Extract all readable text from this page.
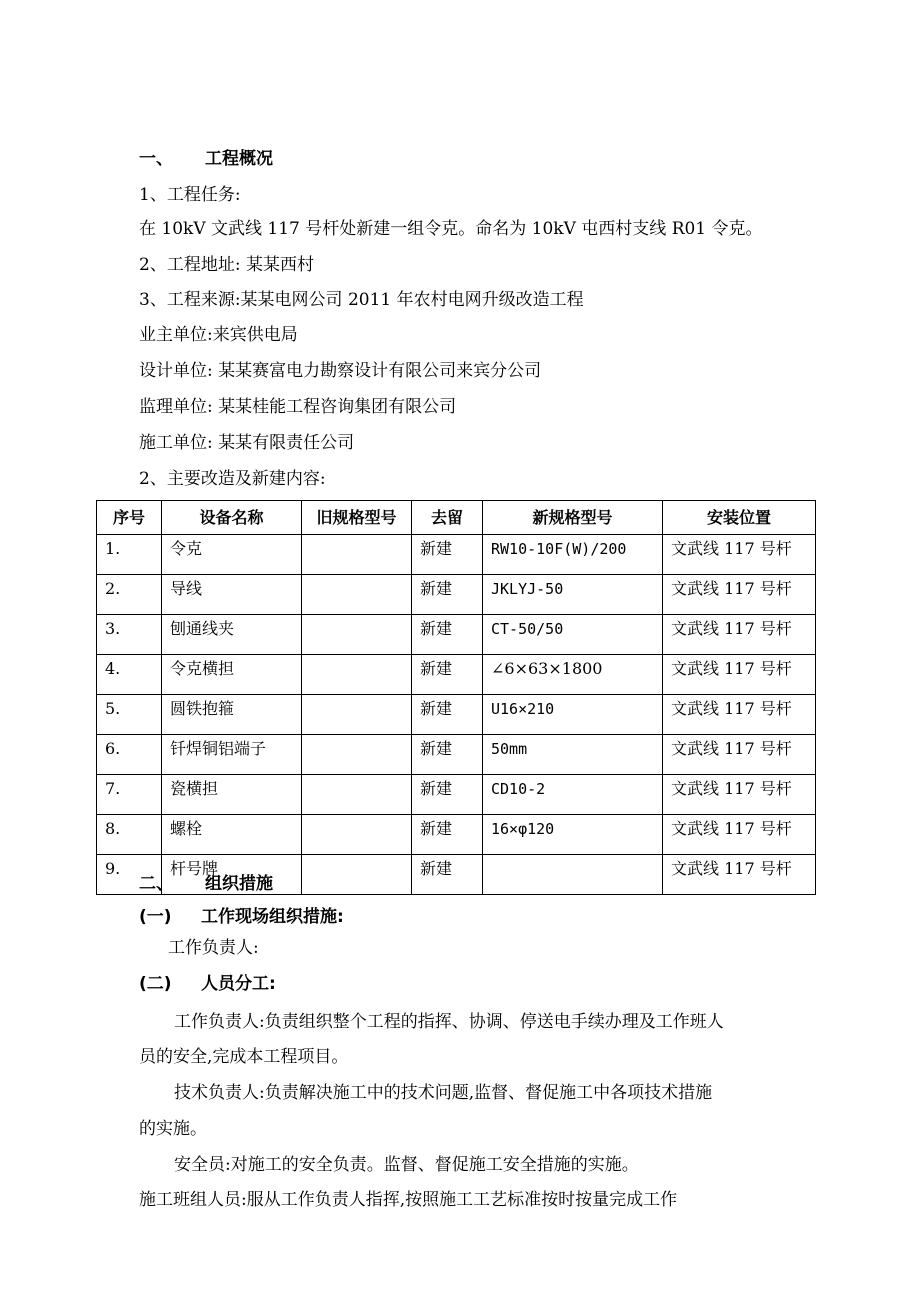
一、 工程概况
1、工程任务:
在 10kV 文武线 117 号杆处新建一组令克。命名为 10kV 屯西村支线 R01 令克。
2、工程地址: 某某西村
3、工程来源:某某电网公司 2011 年农村电网升级改造工程
业主单位:来宾供电局
设计单位: 某某赛富电力勘察设计有限公司来宾分公司
监理单位: 某某桂能工程咨询集团有限公司
施工单位: 某某有限责任公司
2、主要改造及新建内容:
序号	设备名称	旧规格型号	去留	新规格型号	安装位置
1.	令克		新建	RW10-10F(W)/200	文武线 117 号杆
2.	导线		新建	JKLYJ-50	文武线 117 号杆
3.	刨通线夹		新建	CT-50/50	文武线 117 号杆
4.	令克横担		新建	∠6×63×1800	文武线 117 号杆
5.	圆铁抱箍		新建	U16×210	文武线 117 号杆
6.	钎焊铜铝端子		新建	50mm	文武线 117 号杆
7.	瓷横担		新建	CD10-2	文武线 117 号杆
8.	螺栓		新建	16×φ120	文武线 117 号杆
9.	杆号牌		新建		文武线 117 号杆
二、 组织措施
(一) 工作现场组织措施:
工作负责人:
(二) 人员分工:
工作负责人:负责组织整个工程的指挥、协调、停送电手续办理及工作班人
员的安全,完成本工程项目。
技术负责人:负责解决施工中的技术问题,监督、督促施工中各项技术措施
的实施。
安全员:对施工的安全负责。监督、督促施工安全措施的实施。
施工班组人员:服从工作负责人指挥,按照施工工艺标准按时按量完成工作
